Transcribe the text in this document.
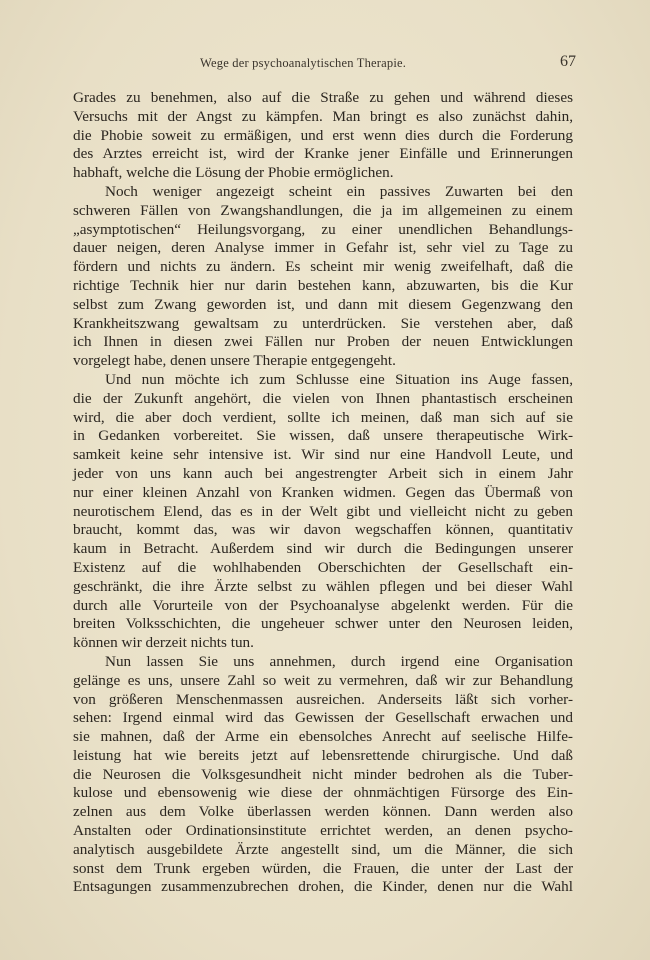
Wege der psychoanalytischen Therapie.	67
Grades zu benehmen, also auf die Straße zu gehen und während dieses
Versuchs mit der Angst zu kämpfen. Man bringt es also zunächst dahin,
die Phobie soweit zu ermäßigen, und erst wenn dies durch die Forderung
des Arztes erreicht ist, wird der Kranke jener Einfälle und Erinnerungen
habhaft, welche die Lösung der Phobie ermöglichen.
Noch weniger angezeigt scheint ein passives Zuwarten bei den
schweren Fällen von Zwangshandlungen, die ja im allgemeinen zu einem
„asymptotischen“ Heilungsvorgang, zu einer unendlichen Behandlungs-
dauer neigen, deren Analyse immer in Gefahr ist, sehr viel zu Tage zu
fördern und nichts zu ändern. Es scheint mir wenig zweifelhaft, daß die
richtige Technik hier nur darin bestehen kann, abzuwarten, bis die Kur
selbst zum Zwang geworden ist, und dann mit diesem Gegenzwang den
Krankheitszwang gewaltsam zu unterdrücken. Sie verstehen aber, daß
ich Ihnen in diesen zwei Fällen nur Proben der neuen Entwicklungen
vorgelegt habe, denen unsere Therapie entgegengeht.
Und nun möchte ich zum Schlusse eine Situation ins Auge fassen,
die der Zukunft angehört, die vielen von Ihnen phantastisch erscheinen
wird, die aber doch verdient, sollte ich meinen, daß man sich auf sie
in Gedanken vorbereitet. Sie wissen, daß unsere therapeutische Wirk-
samkeit keine sehr intensive ist. Wir sind nur eine Handvoll Leute, und
jeder von uns kann auch bei angestrengter Arbeit sich in einem Jahr
nur einer kleinen Anzahl von Kranken widmen. Gegen das Übermaß von
neurotischem Elend, das es in der Welt gibt und vielleicht nicht zu geben
braucht, kommt das, was wir davon wegschaffen können, quantitativ
kaum in Betracht. Außerdem sind wir durch die Bedingungen unserer
Existenz auf die wohlhabenden Oberschichten der Gesellschaft ein-
geschränkt, die ihre Ärzte selbst zu wählen pflegen und bei dieser Wahl
durch alle Vorurteile von der Psychoanalyse abgelenkt werden. Für die
breiten Volksschichten, die ungeheuer schwer unter den Neurosen leiden,
können wir derzeit nichts tun.
Nun lassen Sie uns annehmen, durch irgend eine Organisation
gelänge es uns, unsere Zahl so weit zu vermehren, daß wir zur Behandlung
von größeren Menschenmassen ausreichen. Anderseits läßt sich vorher-
sehen: Irgend einmal wird das Gewissen der Gesellschaft erwachen und
sie mahnen, daß der Arme ein ebensolches Anrecht auf seelische Hilfe-
leistung hat wie bereits jetzt auf lebensrettende chirurgische. Und daß
die Neurosen die Volksgesundheit nicht minder bedrohen als die Tuber-
kulose und ebensowenig wie diese der ohnmächtigen Fürsorge des Ein-
zelnen aus dem Volke überlassen werden können. Dann werden also
Anstalten oder Ordinationsinstitute errichtet werden, an denen psycho-
analytisch ausgebildete Ärzte angestellt sind, um die Männer, die sich
sonst dem Trunk ergeben würden, die Frauen, die unter der Last der
Entsagungen zusammenzubrechen drohen, die Kinder, denen nur die Wahl
